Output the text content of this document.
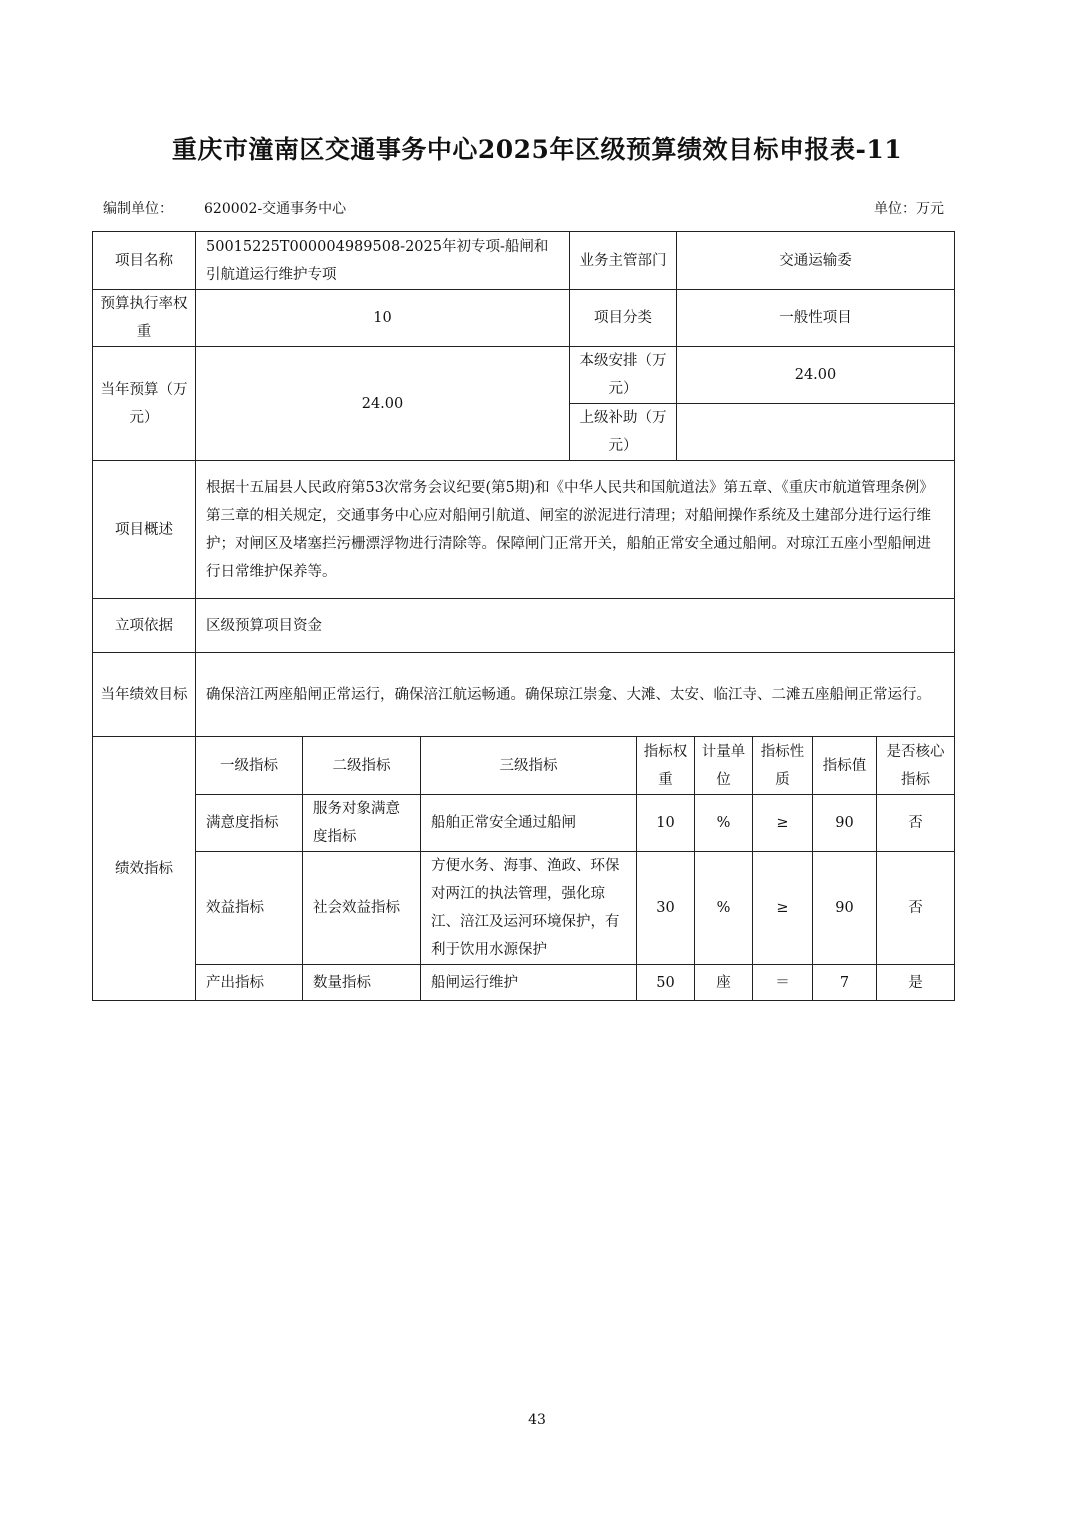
重庆市潼南区交通事务中心2025年区级预算绩效目标申报表-11
编制单位： 620002-交通事务中心	单位：万元
项目名称	50015225T000004989508-2025年初专项-船闸和引航道运行维护专项	业务主管部门	交通运输委
预算执行率权重	10	项目分类	一般性项目
当年预算（万元）	24.00	本级安排（万元）	24.00
		上级补助（万元）	
项目概述	根据十五届县人民政府第53次常务会议纪要(第5期)和《中华人民共和国航道法》第五章、《重庆市航道管理条例》第三章的相关规定，交通事务中心应对船闸引航道、闸室的淤泥进行清理；对船闸操作系统及土建部分进行运行维护；对闸区及堵塞拦污栅漂浮物进行清除等。保障闸门正常开关，船舶正常安全通过船闸。对琼江五座小型船闸进行日常维护保养等。		
立项依据	区级预算项目资金		
当年绩效目标	确保涪江两座船闸正常运行，确保涪江航运畅通。确保琼江崇龛、大滩、太安、临江寺、二滩五座船闸正常运行。		
绩效指标	一级指标	二级指标	三级指标	指标权重	计量单位	指标性质	指标值	是否核心指标
	满意度指标	服务对象满意度指标	船舶正常安全通过船闸	10	%	≥	90	否
	效益指标	社会效益指标	方便水务、海事、渔政、环保对两江的执法管理，强化琼江、涪江及运河环境保护，有利于饮用水源保护	30	%	≥	90	否
	产出指标	数量指标	船闸运行维护	50	座	＝	7	是
43
